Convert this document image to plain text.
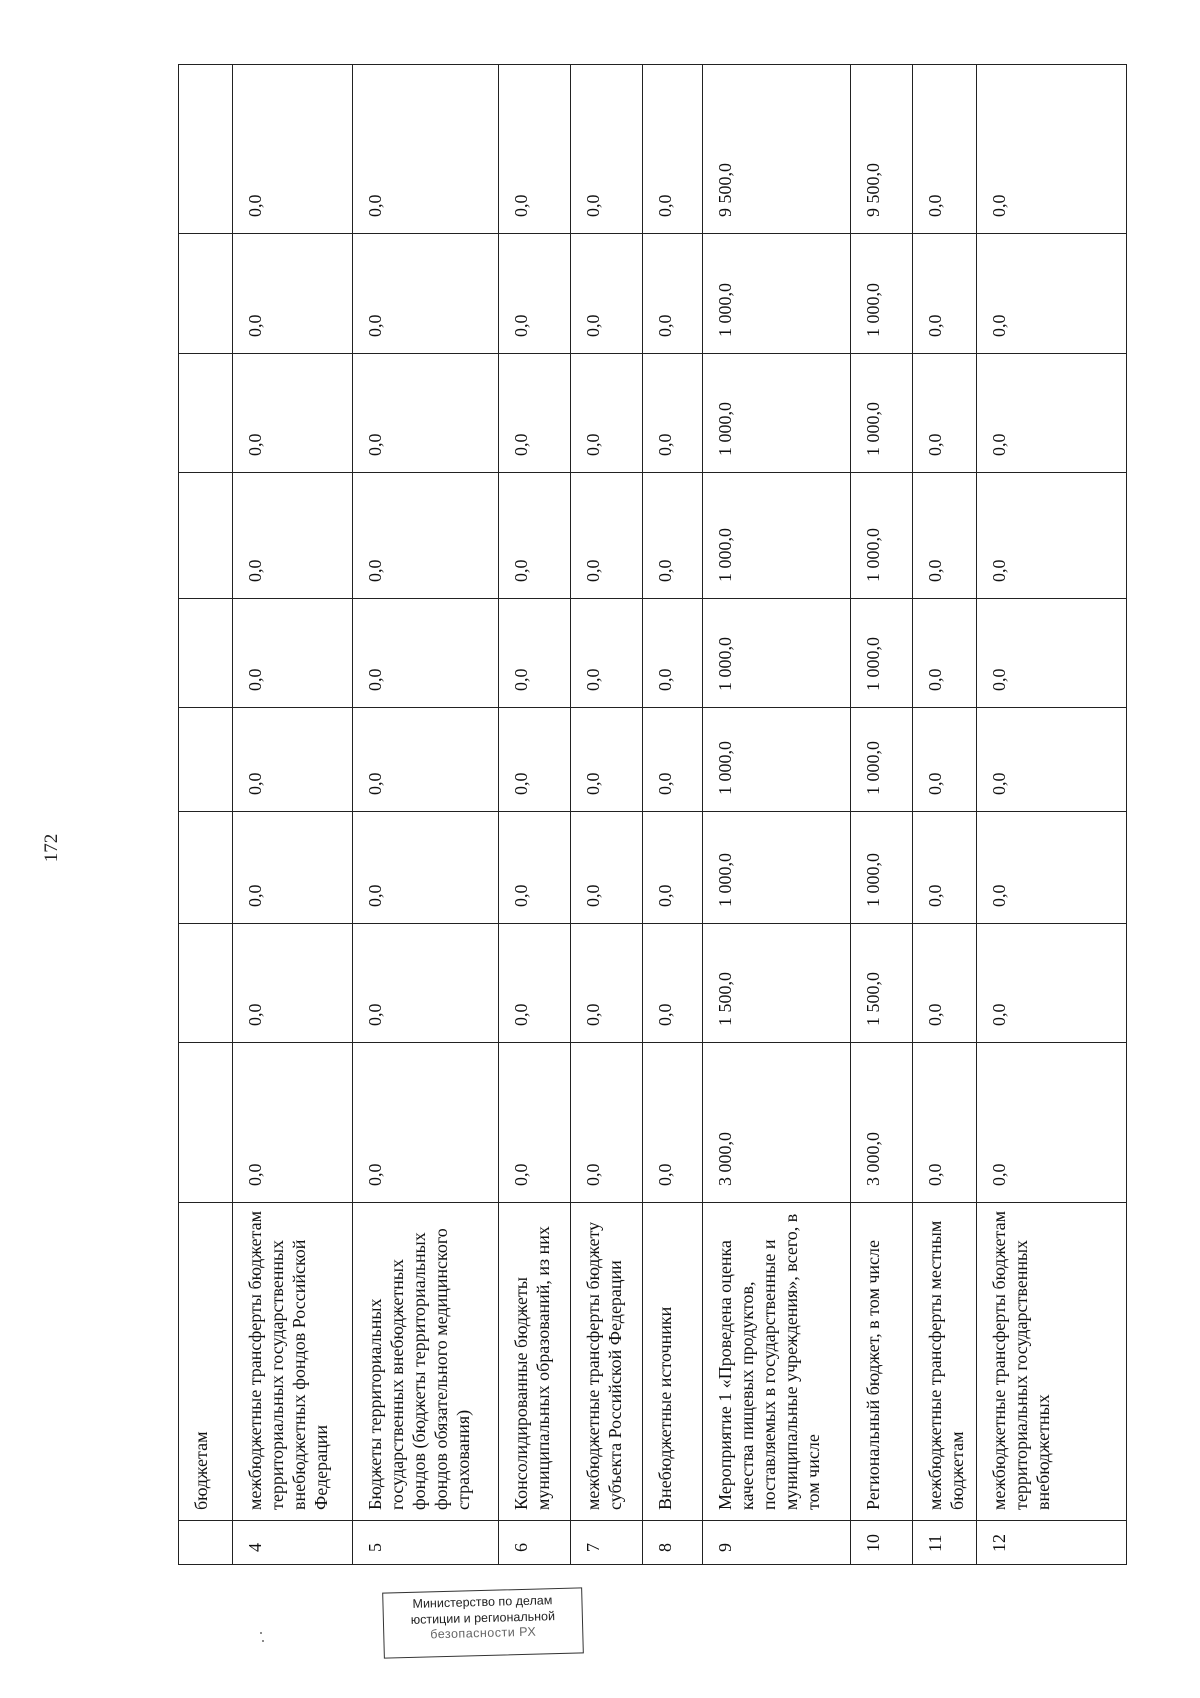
172
	бюджетам									
4	межбюджетные трансферты бюджетам территориальных государственных внебюджетных фондов Российской Федерации	0,0	0,0	0,0	0,0	0,0	0,0	0,0	0,0	0,0
5	Бюджеты территориальных государственных внебюджетных фондов (бюджеты территориальных фондов обязательного медицинского страхования)	0,0	0,0	0,0	0,0	0,0	0,0	0,0	0,0	0,0
6	Консолидированные бюджеты муниципальных образований, из них	0,0	0,0	0,0	0,0	0,0	0,0	0,0	0,0	0,0
7	межбюджетные трансферты бюджету субъекта Российской Федерации	0,0	0,0	0,0	0,0	0,0	0,0	0,0	0,0	0,0
8	Внебюджетные источники	0,0	0,0	0,0	0,0	0,0	0,0	0,0	0,0	0,0
9	Мероприятие 1 «Проведена оценка качества пищевых продуктов, поставляемых в государственные и муниципальные учреждения», всего, в том числе	3 000,0	1 500,0	1 000,0	1 000,0	1 000,0	1 000,0	1 000,0	1 000,0	9 500,0
10	Региональный бюджет, в том числе	3 000,0	1 500,0	1 000,0	1 000,0	1 000,0	1 000,0	1 000,0	1 000,0	9 500,0
11	межбюджетные трансферты местным бюджетам	0,0	0,0	0,0	0,0	0,0	0,0	0,0	0,0	0,0
12	межбюджетные трансферты бюджетам территориальных государственных внебюджетных	0,0	0,0	0,0	0,0	0,0	0,0	0,0	0,0	0,0
Министерство по делам
юстиции и региональной
безопасности РХ
